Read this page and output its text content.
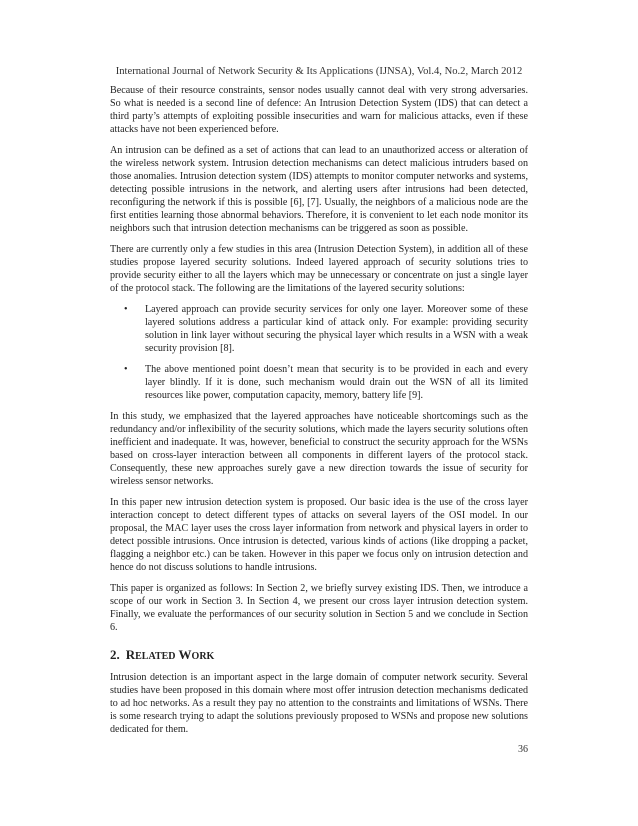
International Journal of Network Security & Its Applications (IJNSA), Vol.4, No.2, March 2012

Because of their resource constraints, sensor nodes usually cannot deal with very strong adversaries. So what is needed is a second line of defence: An Intrusion Detection System (IDS) that can detect a third party’s attempts of exploiting possible insecurities and warn for malicious attacks, even if these attacks have not been experienced before.

An intrusion can be defined as a set of actions that can lead to an unauthorized access or alteration of the wireless network system. Intrusion detection mechanisms can detect malicious intruders based on those anomalies. Intrusion detection system (IDS) attempts to monitor computer networks and systems, detecting possible intrusions in the network, and alerting users after intrusions had been detected, reconfiguring the network if this is possible [6], [7]. Usually, the neighbors of a malicious node are the first entities learning those abnormal behaviors. Therefore, it is convenient to let each node monitor its neighbors such that intrusion detection mechanisms can be triggered as soon as possible.

There are currently only a few studies in this area (Intrusion Detection System), in addition all of these studies propose layered security solutions. Indeed layered approach of security solutions tries to provide security either to all the layers which may be unnecessary or concentrate on just a single layer of the protocol stack. The following are the limitations of the layered security solutions:

• Layered approach can provide security services for only one layer. Moreover some of these layered solutions address a particular kind of attack only. For example: providing security solution in link layer without securing the physical layer which results in a WSN with a weak security provision [8].
• The above mentioned point doesn’t mean that security is to be provided in each and every layer blindly. If it is done, such mechanism would drain out the WSN of all its limited resources like power, computation capacity, memory, battery life [9].

In this study, we emphasized that the layered approaches have noticeable shortcomings such as the redundancy and/or inflexibility of the security solutions, which made the layers security solutions often inefficient and inadequate. It was, however, beneficial to construct the security approach for the WSNs based on cross-layer interaction between all components in different layers of the protocol stack. Consequently, these new approaches surely gave a new direction towards the issue of security for wireless sensor networks.

In this paper new intrusion detection system is proposed. Our basic idea is the use of the cross layer interaction concept to detect different types of attacks on several layers of the OSI model. In our proposal, the MAC layer uses the cross layer information from network and physical layers in order to detect possible intrusions. Once intrusion is detected, various kinds of actions (like dropping a packet, flagging a neighbor etc.) can be taken. However in this paper we focus only on intrusion detection and hence do not discuss solutions to handle intrusions.

This paper is organized as follows: In Section 2, we briefly survey existing IDS. Then, we introduce a scope of our work in Section 3. In Section 4, we present our cross layer intrusion detection system. Finally, we evaluate the performances of our security solution in Section 5 and we conclude in Section 6.

2. RELATED WORK

Intrusion detection is an important aspect in the large domain of computer network security. Several studies have been proposed in this domain where most offer intrusion detection mechanisms dedicated to ad hoc networks. As a result they pay no attention to the constraints and limitations of WSNs. There is some research trying to adapt the solutions previously proposed to WSNs and propose new solutions dedicated for them.

36
